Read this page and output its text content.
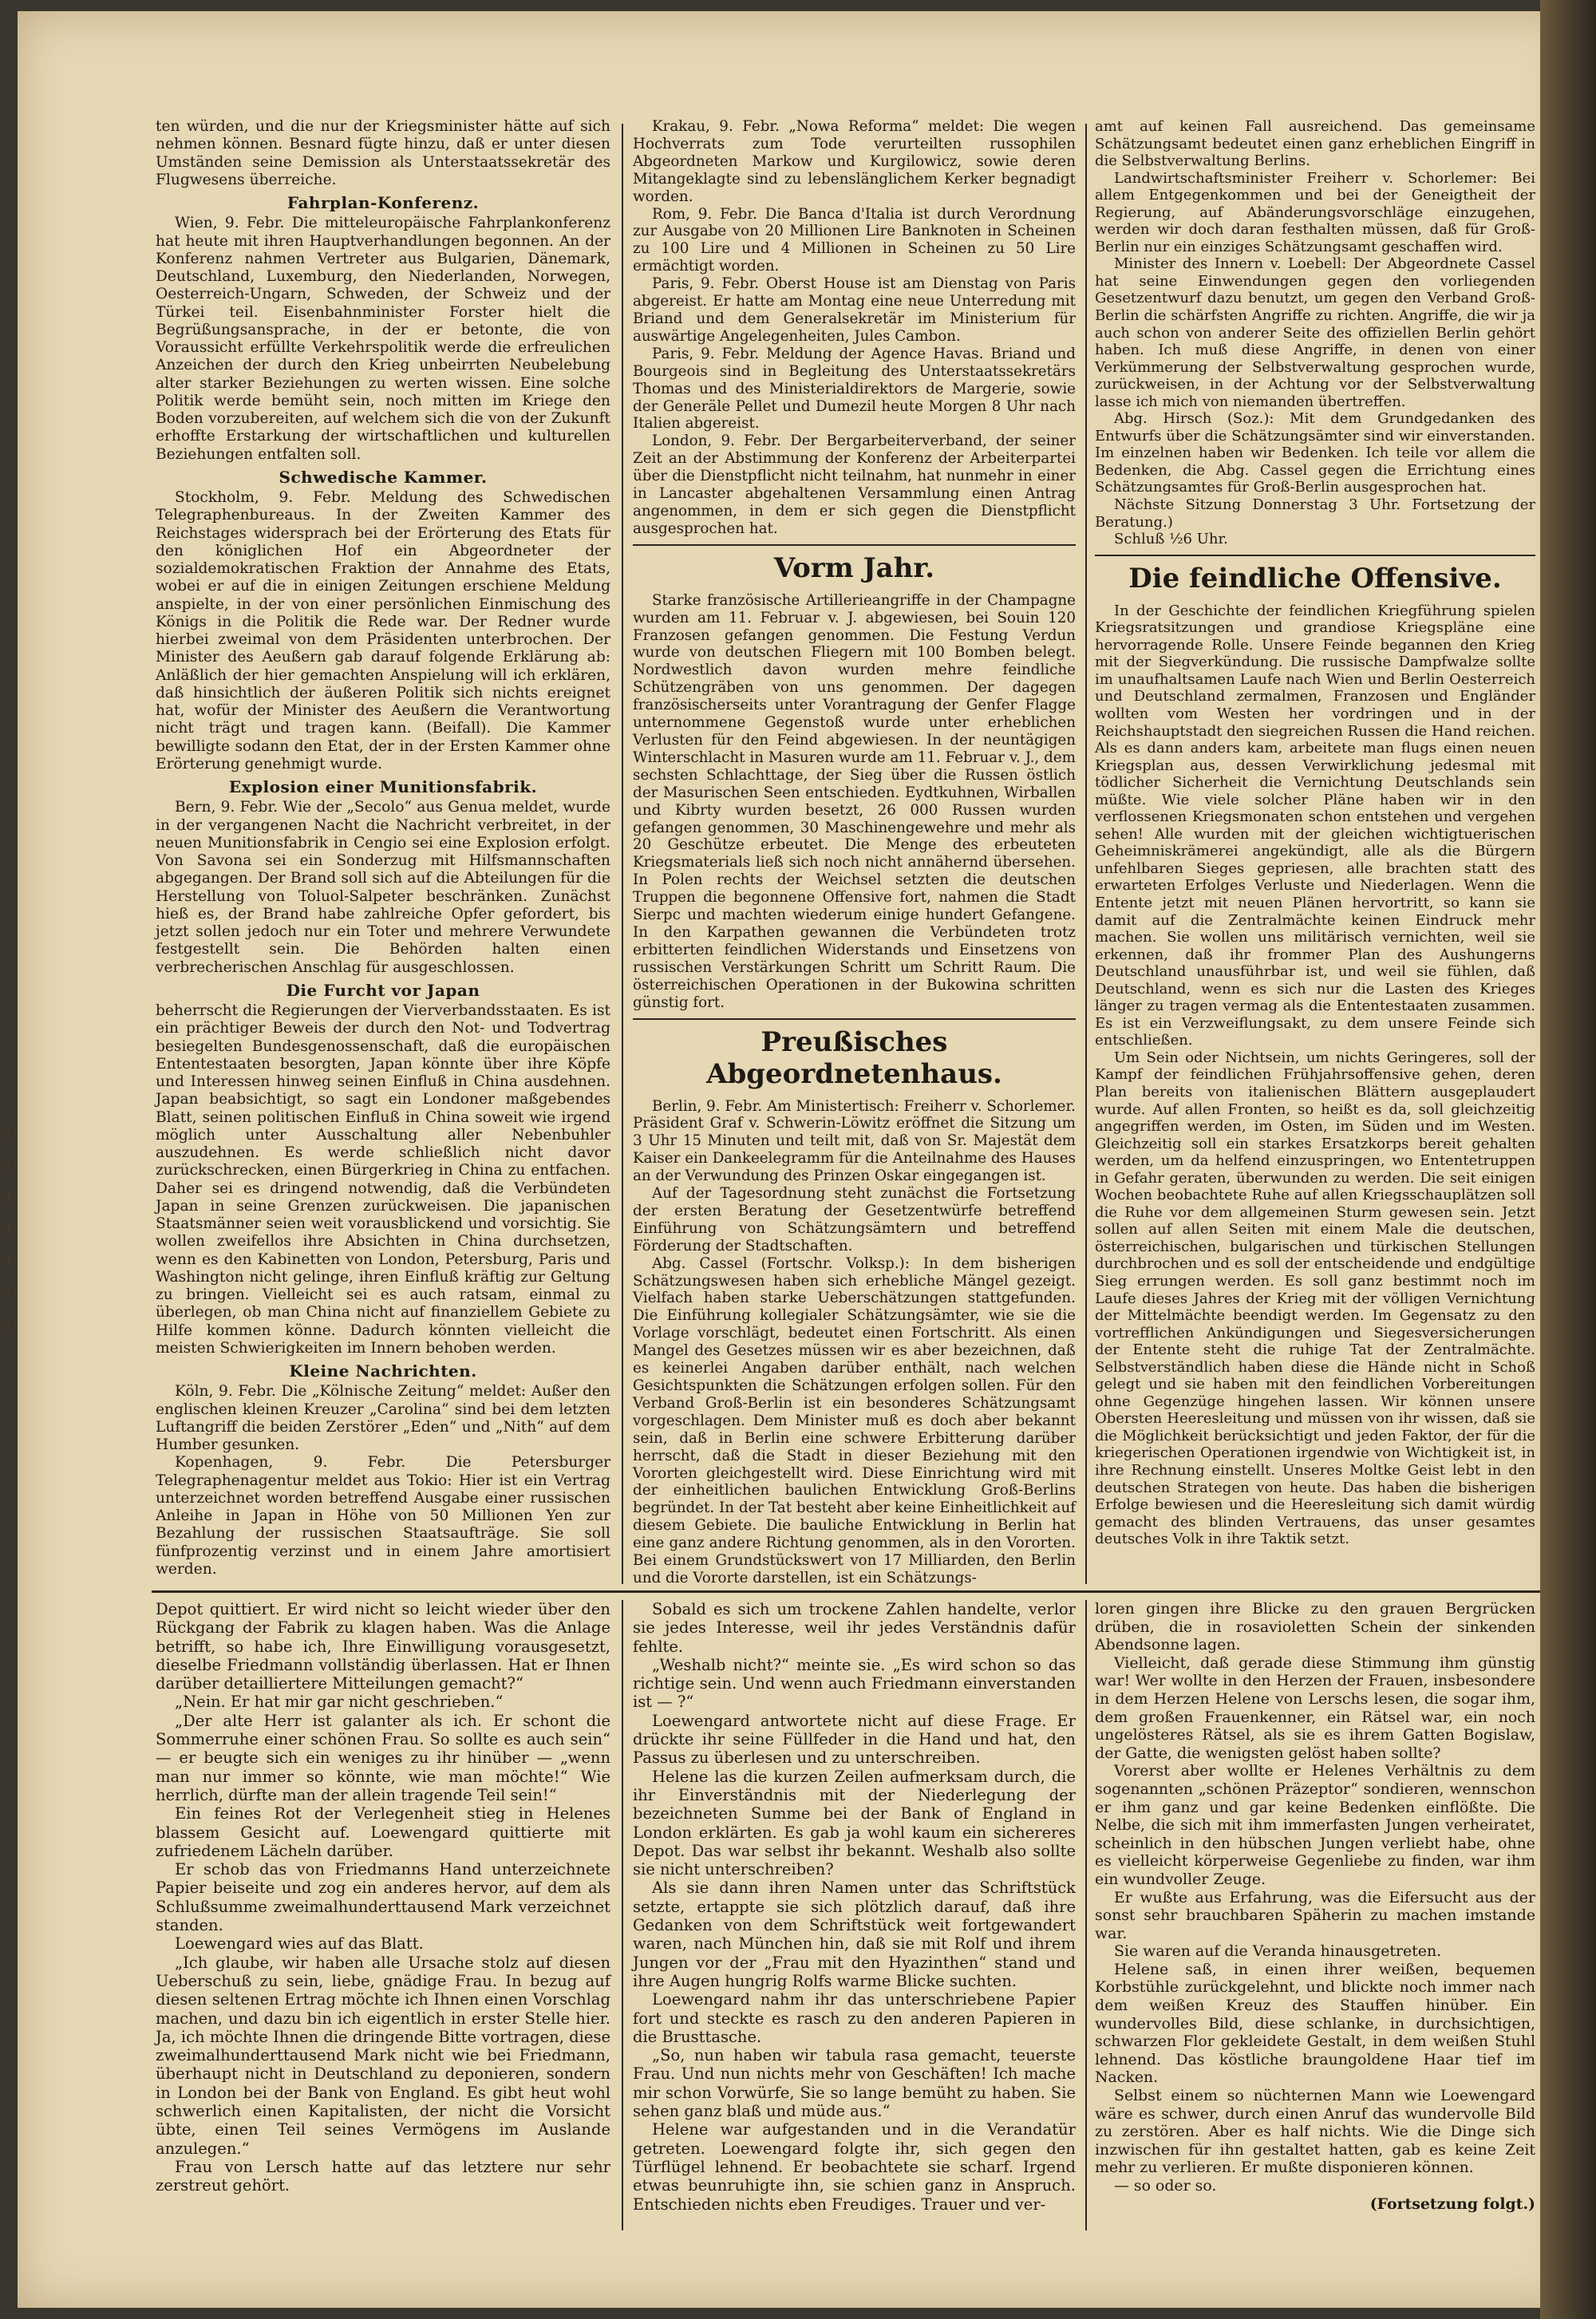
s s 3 3 3 3 ø

ten würden, und die nur der Kriegsminister hätte auf sich nehmen können. Besnard fügte hinzu, daß er unter diesen Umständen seine Demission als Unterstaatssekretär des Flugwesens überreiche.

Fahrplan-Konferenz.

Wien, 9. Febr. Die mitteleuropäische Fahrplankonferenz hat heute mit ihren Hauptverhandlungen begonnen. An der Konferenz nahmen Vertreter aus Bulgarien, Dänemark, Deutschland, Luxemburg, den Niederlanden, Norwegen, Oesterreich-Ungarn, Schweden, der Schweiz und der Türkei teil. Eisenbahnminister Forster hielt die Begrüßungsansprache, in der er betonte, die von Voraussicht erfüllte Verkehrspolitik werde die erfreulichen Anzeichen der durch den Krieg unbeirrten Neubelebung alter starker Beziehungen zu werten wissen. Eine solche Politik werde bemüht sein, noch mitten im Kriege den Boden vorzubereiten, auf welchem sich die von der Zukunft erhoffte Erstarkung der wirtschaftlichen und kulturellen Beziehungen entfalten soll.

Schwedische Kammer.

Stockholm, 9. Febr. Meldung des Schwedischen Telegraphenbureaus. In der Zweiten Kammer des Reichstages widersprach bei der Erörterung des Etats für den königlichen Hof ein Abgeordneter der sozialdemokratischen Fraktion der Annahme des Etats, wobei er auf die in einigen Zeitungen erschiene Meldung anspielte, in der von einer persönlichen Einmischung des Königs in die Politik die Rede war. Der Redner wurde hierbei zweimal von dem Präsidenten unterbrochen. Der Minister des Aeußern gab darauf folgende Erklärung ab: Anläßlich der hier gemachten Anspielung will ich erklären, daß hinsichtlich der äußeren Politik sich nichts ereignet hat, wofür der Minister des Aeußern die Verantwortung nicht trägt und tragen kann. (Beifall). Die Kammer bewilligte sodann den Etat, der in der Ersten Kammer ohne Erörterung genehmigt wurde.

Explosion einer Munitionsfabrik.

Bern, 9. Febr. Wie der „Secolo“ aus Genua meldet, wurde in der vergangenen Nacht die Nachricht verbreitet, in der neuen Munitionsfabrik in Cengio sei eine Explosion erfolgt. Von Savona sei ein Sonderzug mit Hilfsmannschaften abgegangen. Der Brand soll sich auf die Abteilungen für die Herstellung von Toluol-Salpeter beschränken. Zunächst hieß es, der Brand habe zahlreiche Opfer gefordert, bis jetzt sollen jedoch nur ein Toter und mehrere Verwundete festgestellt sein. Die Behörden halten einen verbrecherischen Anschlag für ausgeschlossen.

Die Furcht vor Japan

beherrscht die Regierungen der Vierverbandsstaaten. Es ist ein prächtiger Beweis der durch den Not- und Todvertrag besiegelten Bundesgenossenschaft, daß die europäischen Ententestaaten besorgten, Japan könnte über ihre Köpfe und Interessen hinweg seinen Einfluß in China ausdehnen. Japan beabsichtigt, so sagt ein Londoner maßgebendes Blatt, seinen politischen Einfluß in China soweit wie irgend möglich unter Ausschaltung aller Nebenbuhler auszudehnen. Es werde schließlich nicht davor zurückschrecken, einen Bürgerkrieg in China zu entfachen. Daher sei es dringend notwendig, daß die Verbündeten Japan in seine Grenzen zurückweisen. Die japanischen Staatsmänner seien weit vorausblickend und vorsichtig. Sie wollen zweifellos ihre Absichten in China durchsetzen, wenn es den Kabinetten von London, Petersburg, Paris und Washington nicht gelinge, ihren Einfluß kräftig zur Geltung zu bringen. Vielleicht sei es auch ratsam, einmal zu überlegen, ob man China nicht auf finanziellem Gebiete zu Hilfe kommen könne. Dadurch könnten vielleicht die meisten Schwierigkeiten im Innern behoben werden.

Kleine Nachrichten.

Köln, 9. Febr. Die „Kölnische Zeitung“ meldet: Außer den englischen kleinen Kreuzer „Carolina“ sind bei dem letzten Luftangriff die beiden Zerstörer „Eden“ und „Nith“ auf dem Humber gesunken.

Kopenhagen, 9. Febr. Die Petersburger Telegraphenagentur meldet aus Tokio: Hier ist ein Vertrag unterzeichnet worden betreffend Ausgabe einer russischen Anleihe in Japan in Höhe von 50 Millionen Yen zur Bezahlung der russischen Staatsaufträge. Sie soll fünfprozentig verzinst und in einem Jahre amortisiert werden.

Krakau, 9. Febr. „Nowa Reforma“ meldet: Die wegen Hochverrats zum Tode verurteilten russophilen Abgeordneten Markow und Kurgilowicz, sowie deren Mitangeklagte sind zu lebenslänglichem Kerker begnadigt worden.

Rom, 9. Febr. Die Banca d'Italia ist durch Verordnung zur Ausgabe von 20 Millionen Lire Banknoten in Scheinen zu 100 Lire und 4 Millionen in Scheinen zu 50 Lire ermächtigt worden.

Paris, 9. Febr. Oberst House ist am Dienstag von Paris abgereist. Er hatte am Montag eine neue Unterredung mit Briand und dem Generalsekretär im Ministerium für auswärtige Angelegenheiten, Jules Cambon.

Paris, 9. Febr. Meldung der Agence Havas. Briand und Bourgeois sind in Begleitung des Unterstaatssekretärs Thomas und des Ministerialdirektors de Margerie, sowie der Generäle Pellet und Dumezil heute Morgen 8 Uhr nach Italien abgereist.

London, 9. Febr. Der Bergarbeiterverband, der seiner Zeit an der Abstimmung der Konferenz der Arbeiterpartei über die Dienstpflicht nicht teilnahm, hat nunmehr in einer in Lancaster abgehaltenen Versammlung einen Antrag angenommen, in dem er sich gegen die Dienstpflicht ausgesprochen hat.

Vorm Jahr.

Starke französische Artillerieangriffe in der Champagne wurden am 11. Februar v. J. abgewiesen, bei Souin 120 Franzosen gefangen genommen. Die Festung Verdun wurde von deutschen Fliegern mit 100 Bomben belegt. Nordwestlich davon wurden mehre feindliche Schützengräben von uns genommen. Der dagegen französischerseits unter Vorantragung der Genfer Flagge unternommene Gegenstoß wurde unter erheblichen Verlusten für den Feind abgewiesen. In der neuntägigen Winterschlacht in Masuren wurde am 11. Februar v. J., dem sechsten Schlachttage, der Sieg über die Russen östlich der Masurischen Seen entschieden. Eydtkuhnen, Wirballen und Kibrty wurden besetzt, 26 000 Russen wurden gefangen genommen, 30 Maschinengewehre und mehr als 20 Geschütze erbeutet. Die Menge des erbeuteten Kriegsmaterials ließ sich noch nicht annähernd übersehen. In Polen rechts der Weichsel setzten die deutschen Truppen die begonnene Offensive fort, nahmen die Stadt Sierpc und machten wiederum einige hundert Gefangene. In den Karpathen gewannen die Verbündeten trotz erbitterten feindlichen Widerstands und Einsetzens von russischen Verstärkungen Schritt um Schritt Raum. Die österreichischen Operationen in der Bukowina schritten günstig fort.

Preußisches Abgeordnetenhaus.

Berlin, 9. Febr. Am Ministertisch: Freiherr v. Schorlemer. Präsident Graf v. Schwerin-Löwitz eröffnet die Sitzung um 3 Uhr 15 Minuten und teilt mit, daß von Sr. Majestät dem Kaiser ein Dankeelegramm für die Anteilnahme des Hauses an der Verwundung des Prinzen Oskar eingegangen ist.

Auf der Tagesordnung steht zunächst die Fortsetzung der ersten Beratung der Gesetzentwürfe betreffend Einführung von Schätzungsämtern und betreffend Förderung der Stadtschaften.

Abg. Cassel (Fortschr. Volksp.): In dem bisherigen Schätzungswesen haben sich erhebliche Mängel gezeigt. Vielfach haben starke Ueberschätzungen stattgefunden. Die Einführung kollegialer Schätzungsämter, wie sie die Vorlage vorschlägt, bedeutet einen Fortschritt. Als einen Mangel des Gesetzes müssen wir es aber bezeichnen, daß es keinerlei Angaben darüber enthält, nach welchen Gesichtspunkten die Schätzungen erfolgen sollen. Für den Verband Groß-Berlin ist ein besonderes Schätzungsamt vorgeschlagen. Dem Minister muß es doch aber bekannt sein, daß in Berlin eine schwere Erbitterung darüber herrscht, daß die Stadt in dieser Beziehung mit den Vororten gleichgestellt wird. Diese Einrichtung wird mit der einheitlichen baulichen Entwicklung Groß-Berlins begründet. In der Tat besteht aber keine Einheitlichkeit auf diesem Gebiete. Die bauliche Entwicklung in Berlin hat eine ganz andere Richtung genommen, als in den Vororten. Bei einem Grundstückswert von 17 Milliarden, den Berlin und die Vororte darstellen, ist ein Schätzungs-

amt auf keinen Fall ausreichend. Das gemeinsame Schätzungsamt bedeutet einen ganz erheblichen Eingriff in die Selbstverwaltung Berlins.

Landwirtschaftsminister Freiherr v. Schorlemer: Bei allem Entgegenkommen und bei der Geneigtheit der Regierung, auf Abänderungsvorschläge einzugehen, werden wir doch daran festhalten müssen, daß für Groß-Berlin nur ein einziges Schätzungsamt geschaffen wird.

Minister des Innern v. Loebell: Der Abgeordnete Cassel hat seine Einwendungen gegen den vorliegenden Gesetzentwurf dazu benutzt, um gegen den Verband Groß-Berlin die schärfsten Angriffe zu richten. Angriffe, die wir ja auch schon von anderer Seite des offiziellen Berlin gehört haben. Ich muß diese Angriffe, in denen von einer Verkümmerung der Selbstverwaltung gesprochen wurde, zurückweisen, in der Achtung vor der Selbstverwaltung lasse ich mich von niemanden übertreffen.

Abg. Hirsch (Soz.): Mit dem Grundgedanken des Entwurfs über die Schätzungsämter sind wir einverstanden. Im einzelnen haben wir Bedenken. Ich teile vor allem die Bedenken, die Abg. Cassel gegen die Errichtung eines Schätzungsamtes für Groß-Berlin ausgesprochen hat.

Nächste Sitzung Donnerstag 3 Uhr. Fortsetzung der Beratung.)

Schluß ½6 Uhr.

Die feindliche Offensive.

In der Geschichte der feindlichen Kriegführung spielen Kriegsratsitzungen und grandiose Kriegspläne eine hervorragende Rolle. Unsere Feinde begannen den Krieg mit der Siegverkündung. Die russische Dampfwalze sollte im unaufhaltsamen Laufe nach Wien und Berlin Oesterreich und Deutschland zermalmen, Franzosen und Engländer wollten vom Westen her vordringen und in der Reichshauptstadt den siegreichen Russen die Hand reichen. Als es dann anders kam, arbeitete man flugs einen neuen Kriegsplan aus, dessen Verwirklichung jedesmal mit tödlicher Sicherheit die Vernichtung Deutschlands sein müßte. Wie viele solcher Pläne haben wir in den verflossenen Kriegsmonaten schon entstehen und vergehen sehen! Alle wurden mit der gleichen wichtigtuerischen Geheimniskrämerei angekündigt, alle als die Bürgern unfehlbaren Sieges gepriesen, alle brachten statt des erwarteten Erfolges Verluste und Niederlagen. Wenn die Entente jetzt mit neuen Plänen hervortritt, so kann sie damit auf die Zentralmächte keinen Eindruck mehr machen. Sie wollen uns militärisch vernichten, weil sie erkennen, daß ihr frommer Plan des Aushungerns Deutschland unausführbar ist, und weil sie fühlen, daß Deutschland, wenn es sich nur die Lasten des Krieges länger zu tragen vermag als die Ententestaaten zusammen. Es ist ein Verzweiflungsakt, zu dem unsere Feinde sich entschließen.

Um Sein oder Nichtsein, um nichts Geringeres, soll der Kampf der feindlichen Frühjahrsoffensive gehen, deren Plan bereits von italienischen Blättern ausgeplaudert wurde. Auf allen Fronten, so heißt es da, soll gleichzeitig angegriffen werden, im Osten, im Süden und im Westen. Gleichzeitig soll ein starkes Ersatzkorps bereit gehalten werden, um da helfend einzuspringen, wo Ententetruppen in Gefahr geraten, überwunden zu werden. Die seit einigen Wochen beobachtete Ruhe auf allen Kriegsschauplätzen soll die Ruhe vor dem allgemeinen Sturm gewesen sein. Jetzt sollen auf allen Seiten mit einem Male die deutschen, österreichischen, bulgarischen und türkischen Stellungen durchbrochen und es soll der entscheidende und endgültige Sieg errungen werden. Es soll ganz bestimmt noch im Laufe dieses Jahres der Krieg mit der völligen Vernichtung der Mittelmächte beendigt werden. Im Gegensatz zu den vortrefflichen Ankündigungen und Siegesversicherungen der Entente steht die ruhige Tat der Zentralmächte. Selbstverständlich haben diese die Hände nicht in Schoß gelegt und sie haben mit den feindlichen Vorbereitungen ohne Gegenzüge hingehen lassen. Wir können unsere Obersten Heeresleitung und müssen von ihr wissen, daß sie die Möglichkeit berücksichtigt und jeden Faktor, der für die kriegerischen Operationen irgendwie von Wichtigkeit ist, in ihre Rechnung einstellt. Unseres Moltke Geist lebt in den deutschen Strategen von heute. Das haben die bisherigen Erfolge bewiesen und die Heeresleitung sich damit würdig gemacht des blinden Vertrauens, das unser gesamtes deutsches Volk in ihre Taktik setzt.

Depot quittiert. Er wird nicht so leicht wieder über den Rückgang der Fabrik zu klagen haben. Was die Anlage betrifft, so habe ich, Ihre Einwilligung vorausgesetzt, dieselbe Friedmann vollständig überlassen. Hat er Ihnen darüber detailliertere Mitteilungen gemacht?“

„Nein. Er hat mir gar nicht geschrieben.“

„Der alte Herr ist galanter als ich. Er schont die Sommerruhe einer schönen Frau. So sollte es auch sein“ — er beugte sich ein weniges zu ihr hinüber — „wenn man nur immer so könnte, wie man möchte!“ Wie herrlich, dürfte man der allein tragende Teil sein!“

Ein feines Rot der Verlegenheit stieg in Helenes blassem Gesicht auf. Loewengard quittierte mit zufriedenem Lächeln darüber.

Er schob das von Friedmanns Hand unterzeichnete Papier beiseite und zog ein anderes hervor, auf dem als Schlußsumme zweimalhunderttausend Mark verzeichnet standen.

Loewengard wies auf das Blatt.

„Ich glaube, wir haben alle Ursache stolz auf diesen Ueberschuß zu sein, liebe, gnädige Frau. In bezug auf diesen seltenen Ertrag möchte ich Ihnen einen Vorschlag machen, und dazu bin ich eigentlich in erster Stelle hier. Ja, ich möchte Ihnen die dringende Bitte vortragen, diese zweimalhunderttausend Mark nicht wie bei Friedmann, überhaupt nicht in Deutschland zu deponieren, sondern in London bei der Bank von England. Es gibt heut wohl schwerlich einen Kapitalisten, der nicht die Vorsicht übte, einen Teil seines Vermögens im Auslande anzulegen.“

Frau von Lersch hatte auf das letztere nur sehr zerstreut gehört.

Sobald es sich um trockene Zahlen handelte, verlor sie jedes Interesse, weil ihr jedes Verständnis dafür fehlte.

„Weshalb nicht?“ meinte sie. „Es wird schon so das richtige sein. Und wenn auch Friedmann einverstanden ist — ?“

Loewengard antwortete nicht auf diese Frage. Er drückte ihr seine Füllfeder in die Hand und hat, den Passus zu überlesen und zu unterschreiben.

Helene las die kurzen Zeilen aufmerksam durch, die ihr Einverständnis mit der Niederlegung der bezeichneten Summe bei der Bank of England in London erklärten. Es gab ja wohl kaum ein sichereres Depot. Das war selbst ihr bekannt. Weshalb also sollte sie nicht unterschreiben?

Als sie dann ihren Namen unter das Schriftstück setzte, ertappte sie sich plötzlich darauf, daß ihre Gedanken von dem Schriftstück weit fortgewandert waren, nach München hin, daß sie mit Rolf und ihrem Jungen vor der „Frau mit den Hyazinthen“ stand und ihre Augen hungrig Rolfs warme Blicke suchten.

Loewengard nahm ihr das unterschriebene Papier fort und steckte es rasch zu den anderen Papieren in die Brusttasche.

„So, nun haben wir tabula rasa gemacht, teuerste Frau. Und nun nichts mehr von Geschäften! Ich mache mir schon Vorwürfe, Sie so lange bemüht zu haben. Sie sehen ganz blaß und müde aus.“

Helene war aufgestanden und in die Verandatür getreten. Loewengard folgte ihr, sich gegen den Türflügel lehnend. Er beobachtete sie scharf. Irgend etwas beunruhigte ihn, sie schien ganz in Anspruch. Entschieden nichts eben Freudiges. Trauer und ver-

loren gingen ihre Blicke zu den grauen Bergrücken drüben, die in rosavioletten Schein der sinkenden Abendsonne lagen.

Vielleicht, daß gerade diese Stimmung ihm günstig war! Wer wollte in den Herzen der Frauen, insbesondere in dem Herzen Helene von Lerschs lesen, die sogar ihm, dem großen Frauenkenner, ein Rätsel war, ein noch ungelösteres Rätsel, als sie es ihrem Gatten Bogislaw, der Gatte, die wenigsten gelöst haben sollte?

Vorerst aber wollte er Helenes Verhältnis zu dem sogenannten „schönen Präzeptor“ sondieren, wennschon er ihm ganz und gar keine Bedenken einflößte. Die Nelbe, die sich mit ihm immerfasten Jungen verheiratet, scheinlich in den hübschen Jungen verliebt habe, ohne es vielleicht körperweise Gegenliebe zu finden, war ihm ein wundvoller Zeuge.

Er wußte aus Erfahrung, was die Eifersucht aus der sonst sehr brauchbaren Späherin zu machen imstande war.

Sie waren auf die Veranda hinausgetreten.

Helene saß, in einen ihrer weißen, bequemen Korbstühle zurückgelehnt, und blickte noch immer nach dem weißen Kreuz des Stauffen hinüber. Ein wundervolles Bild, diese schlanke, in durchsichtigen, schwarzen Flor gekleidete Gestalt, in dem weißen Stuhl lehnend. Das köstliche braungoldene Haar tief im Nacken.

Selbst einem so nüchternen Mann wie Loewengard wäre es schwer, durch einen Anruf das wundervolle Bild zu zerstören. Aber es half nichts. Wie die Dinge sich inzwischen für ihn gestaltet hatten, gab es keine Zeit mehr zu verlieren. Er mußte disponieren können.

— so oder so.

(Fortsetzung folgt.)
